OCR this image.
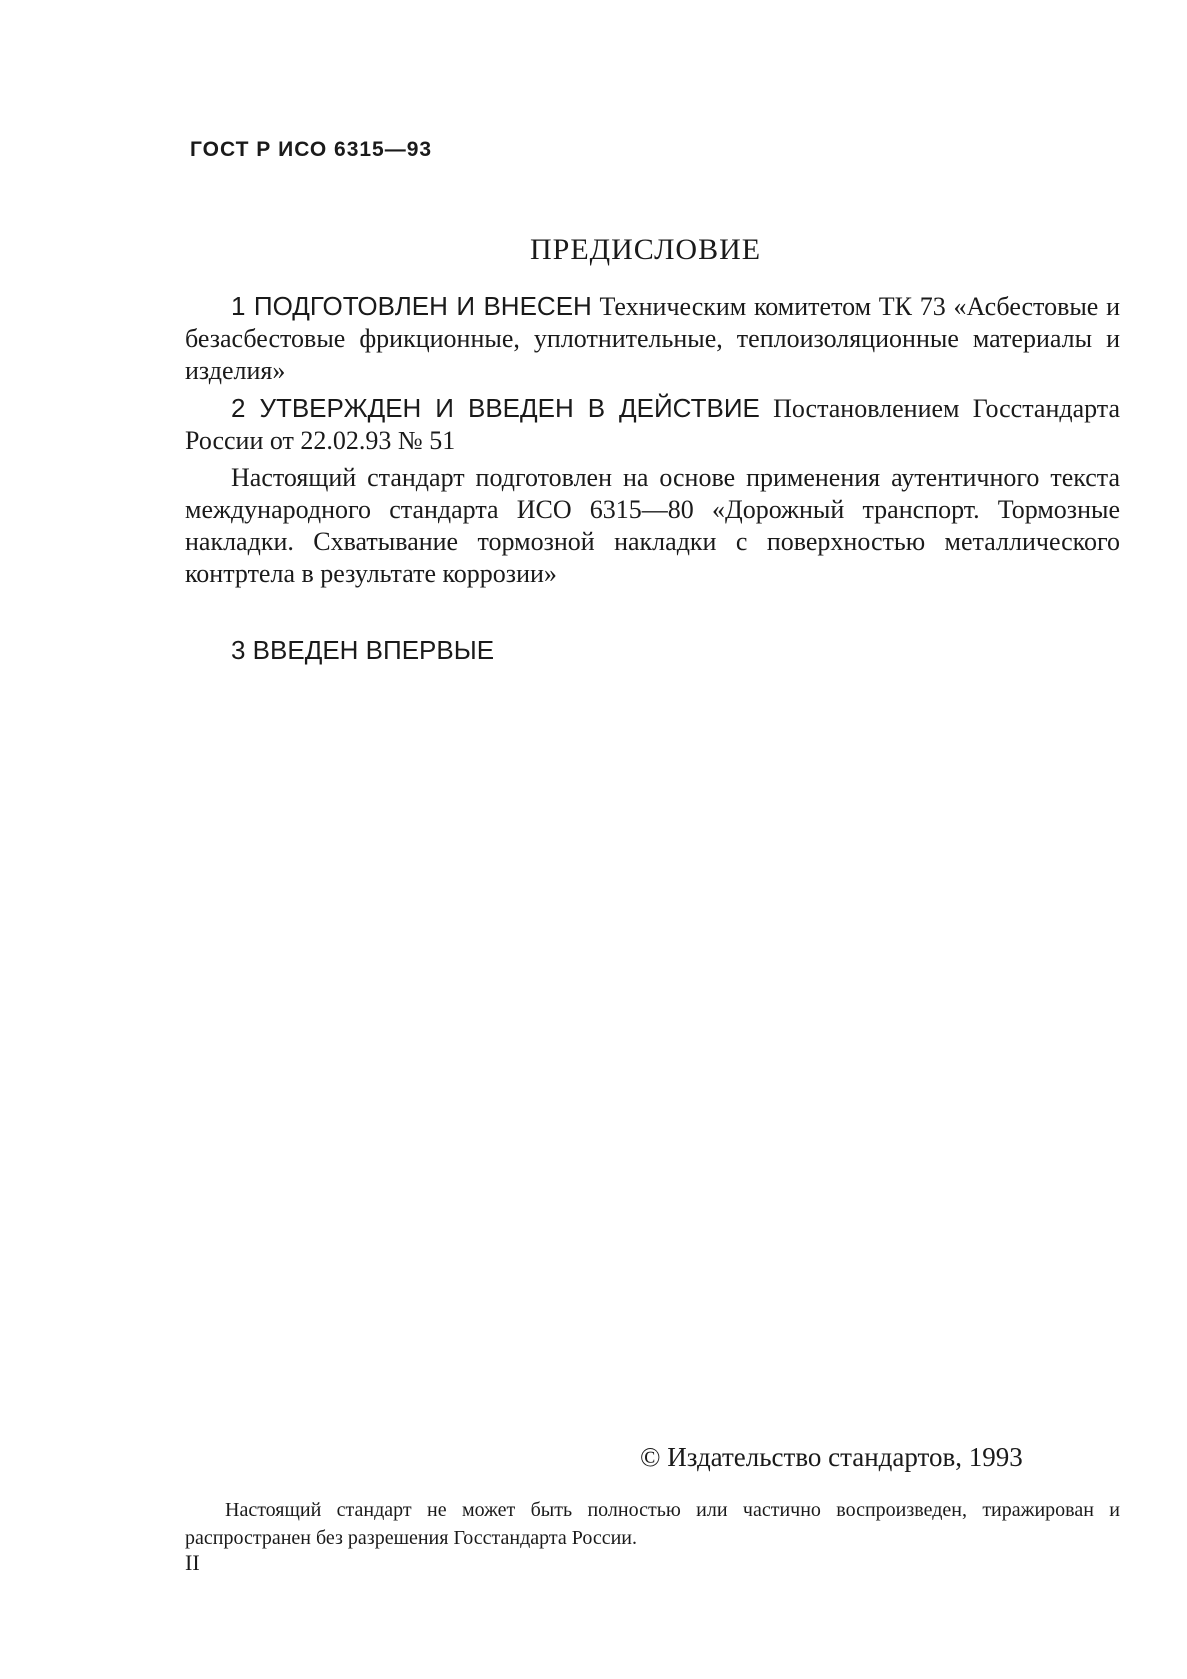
ГОСТ Р ИСО 6315—93
ПРЕДИСЛОВИЕ
1 ПОДГОТОВЛЕН И ВНЕСЕН Техническим комитетом ТК 73 «Асбестовые и безасбестовые фрикционные, уплотнительные, теплоизоляционные материалы и изделия»
2 УТВЕРЖДЕН И ВВЕДЕН В ДЕЙСТВИЕ Постановлением Госстандарта России от 22.02.93 № 51
Настоящий стандарт подготовлен на основе применения аутентичного текста международного стандарта ИСО 6315—80 «Дорожный транспорт. Тормозные накладки. Схватывание тормозной накладки с поверхностью металлического контртела в результате коррозии»
3 ВВЕДЕН ВПЕРВЫЕ
© Издательство стандартов, 1993
Настоящий стандарт не может быть полностью или частично воспроизведен, тиражирован и распространен без разрешения Госстандарта России.
II
